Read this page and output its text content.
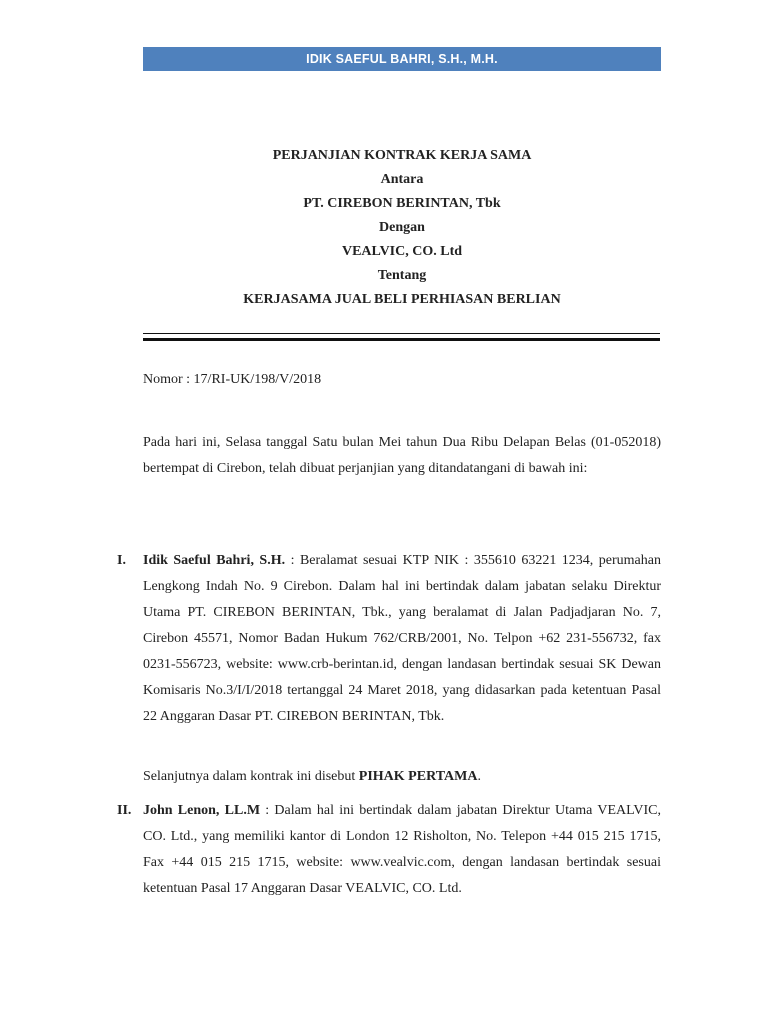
IDIK SAEFUL BAHRI, S.H., M.H.
PERJANJIAN KONTRAK KERJA SAMA
Antara
PT. CIREBON BERINTAN, Tbk
Dengan
VEALVIC, CO. Ltd
Tentang
KERJASAMA JUAL BELI PERHIASAN BERLIAN
Nomor : 17/RI-UK/198/V/2018
Pada hari ini, Selasa tanggal Satu bulan Mei tahun Dua Ribu Delapan Belas (01-052018) bertempat di Cirebon, telah dibuat perjanjian yang ditandatangani di bawah ini:
I. Idik Saeful Bahri, S.H. : Beralamat sesuai KTP NIK : 355610 63221 1234, perumahan Lengkong Indah No. 9 Cirebon. Dalam hal ini bertindak dalam jabatan selaku Direktur Utama PT. CIREBON BERINTAN, Tbk., yang beralamat di Jalan Padjadjaran No. 7, Cirebon 45571, Nomor Badan Hukum 762/CRB/2001, No. Telpon +62 231-556732, fax 0231-556723, website: www.crb-berintan.id, dengan landasan bertindak sesuai SK Dewan Komisaris No.3/I/I/2018 tertanggal 24 Maret 2018, yang didasarkan pada ketentuan Pasal 22 Anggaran Dasar PT. CIREBON BERINTAN, Tbk.
Selanjutnya dalam kontrak ini disebut PIHAK PERTAMA.
II. John Lenon, LL.M : Dalam hal ini bertindak dalam jabatan Direktur Utama VEALVIC, CO. Ltd., yang memiliki kantor di London 12 Risholton, No. Telepon +44 015 215 1715, Fax +44 015 215 1715, website: www.vealvic.com, dengan landasan bertindak sesuai ketentuan Pasal 17 Anggaran Dasar VEALVIC, CO. Ltd.
